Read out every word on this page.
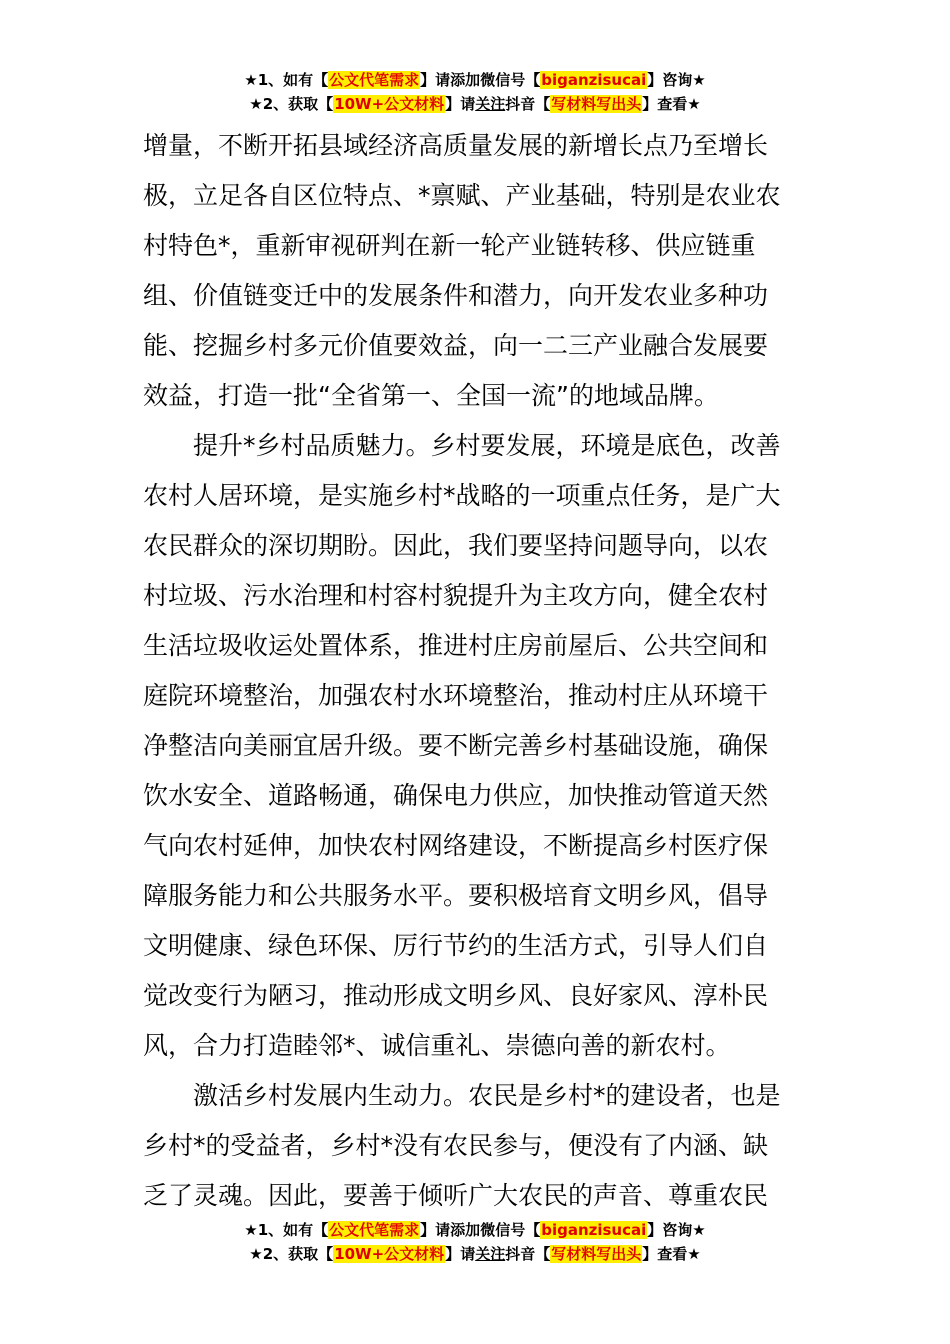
★1、如有【公文代笔需求】请添加微信号【biganzisucai】咨询★
★2、获取【10W+公文材料】请关注抖音【写材料写出头】查看★
增量，不断开拓县域经济高质量发展的新增长点乃至增长
极，立足各自区位特点、*禀赋、产业基础，特别是农业农
村特色*，重新审视研判在新一轮产业链转移、供应链重
组、价值链变迁中的发展条件和潜力，向开发农业多种功
能、挖掘乡村多元价值要效益，向一二三产业融合发展要
效益，打造一批“全省第一、全国一流”的地域品牌。
　　提升*乡村品质魅力。乡村要发展，环境是底色，改善
农村人居环境，是实施乡村*战略的一项重点任务，是广大
农民群众的深切期盼。因此，我们要坚持问题导向，以农
村垃圾、污水治理和村容村貌提升为主攻方向，健全农村
生活垃圾收运处置体系，推进村庄房前屋后、公共空间和
庭院环境整治，加强农村水环境整治，推动村庄从环境干
净整洁向美丽宜居升级。要不断完善乡村基础设施，确保
饮水安全、道路畅通，确保电力供应，加快推动管道天然
气向农村延伸，加快农村网络建设，不断提高乡村医疗保
障服务能力和公共服务水平。要积极培育文明乡风，倡导
文明健康、绿色环保、厉行节约的生活方式，引导人们自
觉改变行为陋习，推动形成文明乡风、良好家风、淳朴民
风，合力打造睦邻*、诚信重礼、崇德向善的新农村。
　　激活乡村发展内生动力。农民是乡村*的建设者，也是
乡村*的受益者，乡村*没有农民参与，便没有了内涵、缺
乏了灵魂。因此，要善于倾听广大农民的声音、尊重农民
★1、如有【公文代笔需求】请添加微信号【biganzisucai】咨询★
★2、获取【10W+公文材料】请关注抖音【写材料写出头】查看★
